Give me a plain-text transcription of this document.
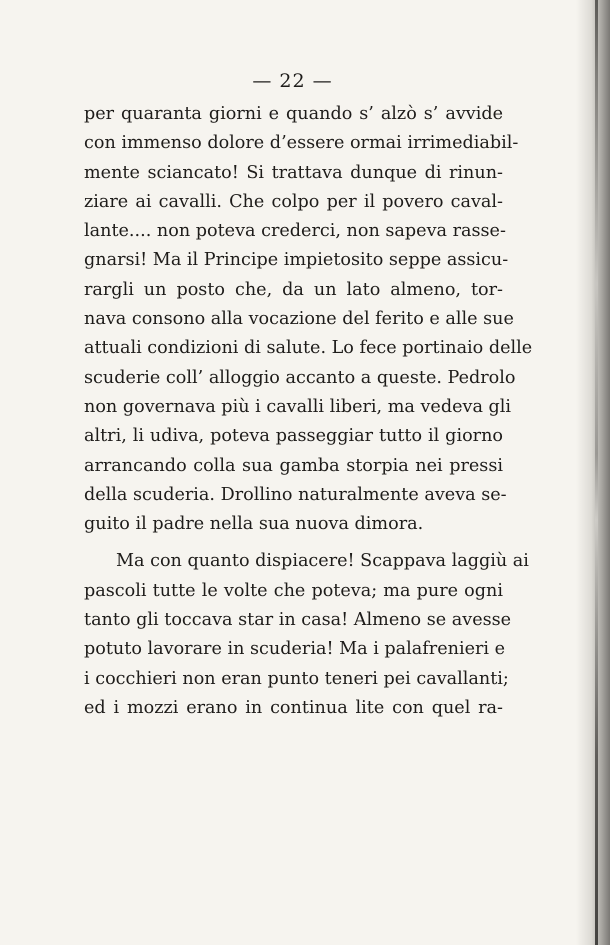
— 22 —
per quaranta giorni e quando s’ alzò s’ avvide
con immenso dolore d’essere ormai irrimediabil-
mente sciancato! Si trattava dunque di rinun-
ziare ai cavalli. Che colpo per il povero caval-
lante.... non poteva crederci, non sapeva rasse-
gnarsi! Ma il Principe impietosito seppe assicu-
rargli un posto che, da un lato almeno, tor-
nava consono alla vocazione del ferito e alle sue
attuali condizioni di salute. Lo fece portinaio delle
scuderie coll’ alloggio accanto a queste. Pedrolo
non governava più i cavalli liberi, ma vedeva gli
altri, li udiva, poteva passeggiar tutto il giorno
arrancando colla sua gamba storpia nei pressi
della scuderia. Drollino naturalmente aveva se-
guito il padre nella sua nuova dimora.
Ma con quanto dispiacere! Scappava laggiù ai
pascoli tutte le volte che poteva; ma pure ogni
tanto gli toccava star in casa! Almeno se avesse
potuto lavorare in scuderia! Ma i palafrenieri e
i cocchieri non eran punto teneri pei cavallanti;
ed i mozzi erano in continua lite con quel ra-
